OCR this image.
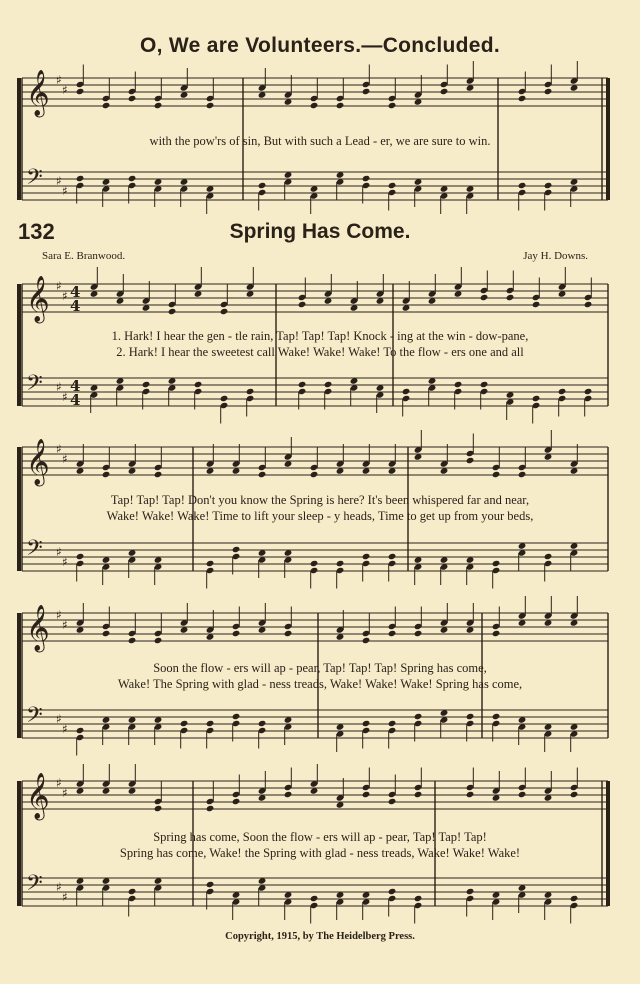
𝄞 ♯
♯
𝄢 ♯
♯
𝄞 ♯
♯ 4
4
𝄢 ♯
♯
4
4
𝄞 ♯
♯
𝄢 ♯
♯
𝄞 ♯
♯
𝄢 ♯
♯
𝄞 ♯
♯
𝄢 ♯
♯
O, We are Volunteers.—Concluded.
with the pow'rs of sin, But with such a Lead - er, we are sure to win.
132	Spring Has Come.
Sara E. Branwood.	Jay H. Downs.
1. Hark! I hear the gen - tle rain, Tap! Tap! Tap! Knock - ing at the win - dow-pane,
2. Hark! I hear the sweetest call Wake! Wake! Wake! To the flow - ers one and all
Tap! Tap! Tap! Don't you know the Spring is here? It's been whispered far and near,
Wake! Wake! Wake! Time to lift your sleep - y heads, Time to get up from your beds,
Soon the flow - ers will ap - pear, Tap! Tap! Tap! Spring has come,
Wake! The Spring with glad - ness treads, Wake! Wake! Wake! Spring has come,
Spring has come, Soon the flow - ers will ap - pear, Tap! Tap! Tap!
Spring has come, Wake! the Spring with glad - ness treads, Wake! Wake! Wake!
Copyright, 1915, by The Heidelberg Press.
